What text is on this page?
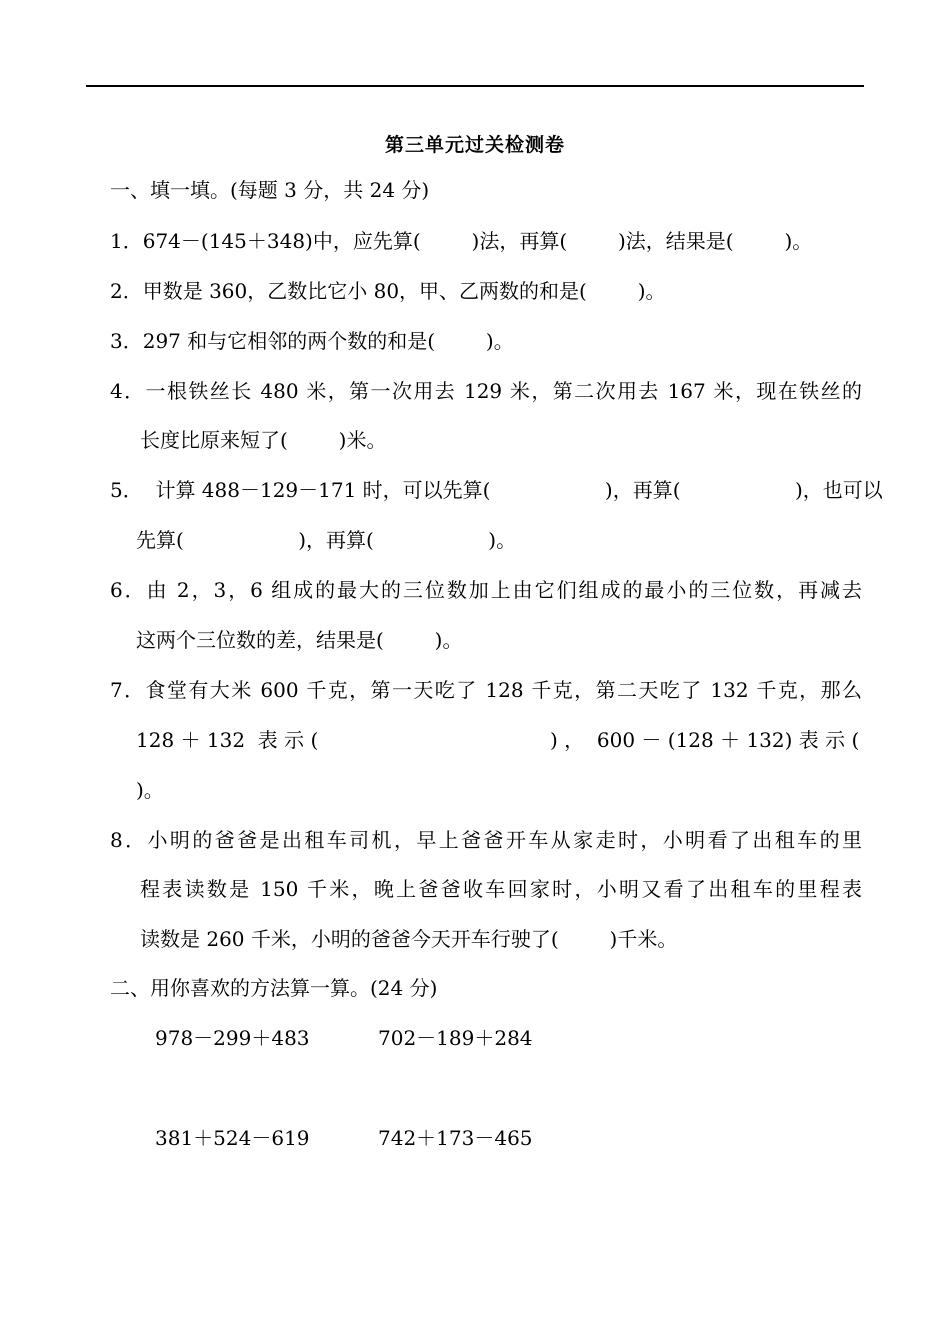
第三单元过关检测卷
一、填一填。(每题 3 分，共 24 分)
1．674－(145＋348)中，应先算(        )法，再算(        )法，结果是(        )。
2．甲数是 360，乙数比它小 80，甲、乙两数的和是(        )。
3．297 和与它相邻的两个数的和是(        )。
4．一根铁丝长 480 米，第一次用去 129 米，第二次用去 167 米，现在铁丝的
长度比原来短了(        )米。
5．  计算 488－129－171 时，可以先算(                  )，再算(                  )，也可以
先算(                  )，再算(                  )。
6．由 2，3，6 组成的最大的三位数加上由它们组成的最小的三位数，再减去
这两个三位数的差，结果是(        )。
7．食堂有大米 600 千克，第一天吃了 128 千克，第二天吃了 132 千克，那么
128 ＋ 132  表 示 (	) ，  600 － (128 ＋ 132) 表 示 (
)。
8．小明的爸爸是出租车司机，早上爸爸开车从家走时，小明看了出租车的里
程表读数是 150 千米，晚上爸爸收车回家时，小明又看了出租车的里程表
读数是 260 千米，小明的爸爸今天开车行驶了(        )千米。
二、用你喜欢的方法算一算。(24 分)
978－299＋483	702－189＋284
381＋524－619	742＋173－465
